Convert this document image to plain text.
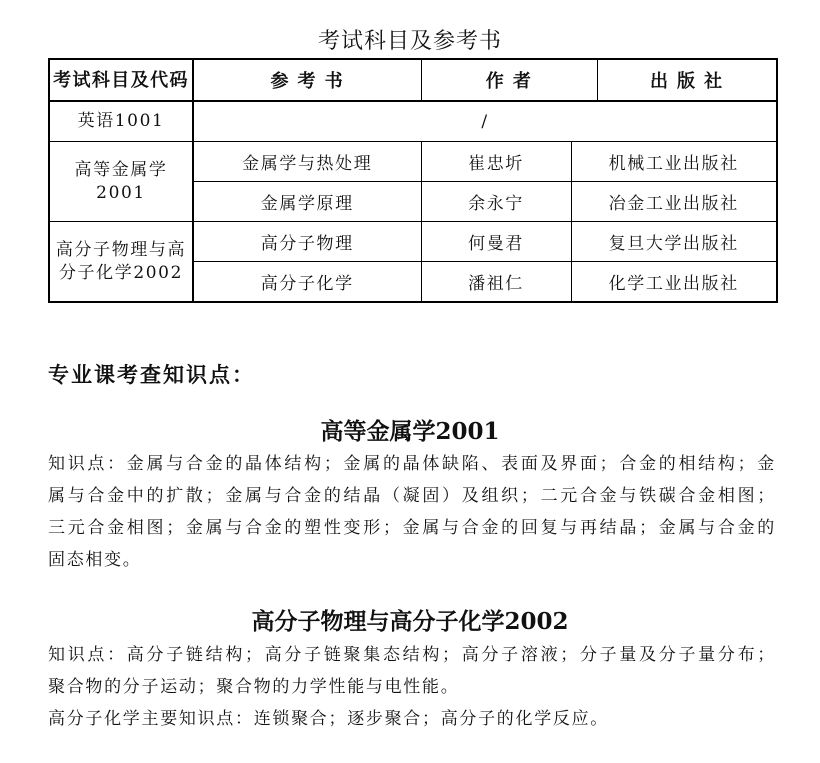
考试科目及参考书
考试科目及代码	参 考 书	作 者		出 版 社

英语1001	/			

高等金属学
2001	金属学与热处理	崔忠圻	机械工业出版社	
	金属学原理	余永宁	冶金工业出版社	

高分子物理与高
分子化学2002	高分子物理	何曼君	复旦大学出版社	
	高分子化学	潘祖仁	化学工业出版社	
专业课考查知识点：
高等金属学2001
知识点：金属与合金的晶体结构；金属的晶体缺陷、表面及界面；合金的相结构；金
属与合金中的扩散；金属与合金的结晶（凝固）及组织；二元合金与铁碳合金相图；
三元合金相图；金属与合金的塑性变形；金属与合金的回复与再结晶；金属与合金的
固态相变。
高分子物理与高分子化学2002
知识点：高分子链结构；高分子链聚集态结构；高分子溶液；分子量及分子量分布；
聚合物的分子运动；聚合物的力学性能与电性能。
高分子化学主要知识点：连锁聚合；逐步聚合；高分子的化学反应。
